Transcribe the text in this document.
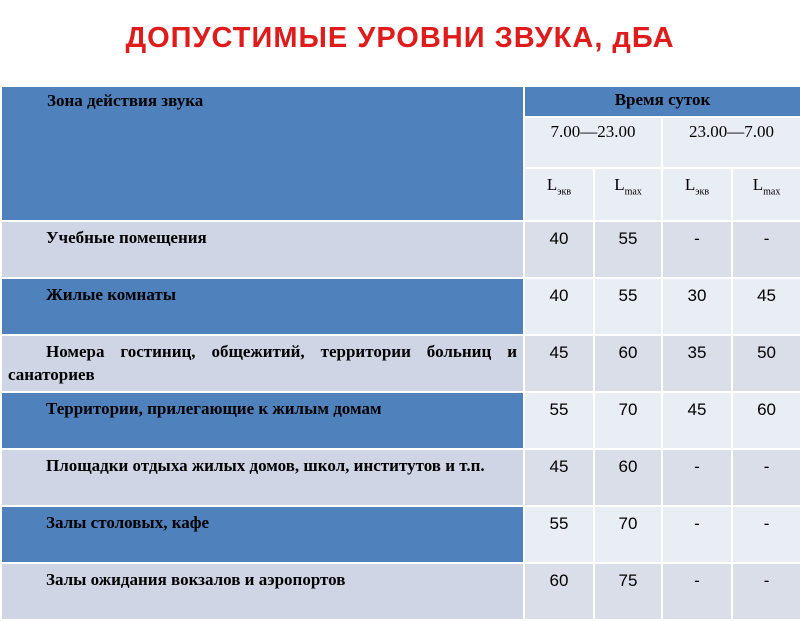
ДОПУСТИМЫЕ УРОВНИ ЗВУКА, дБА
Зона действия звука	Время суток			
	7.00—23.00		23.00—7.00	
	$L_{экв}$	$L_{max}$	$L_{экв}$	$L_{max}$

Учебные помещения	40	55	-	-

Жилые комнаты	40	55	30	45

Номера гостиниц, общежитий, территории больниц и санаториев	45	60	35	50

Территории, прилегающие к жилым домам	55	70	45	60

Площадки отдыха жилых домов, школ, институтов и т.п.	45	60	-	-

Залы столовых, кафе	55	70	-	-

Залы ожидания вокзалов и аэропортов	60	75	-	-
